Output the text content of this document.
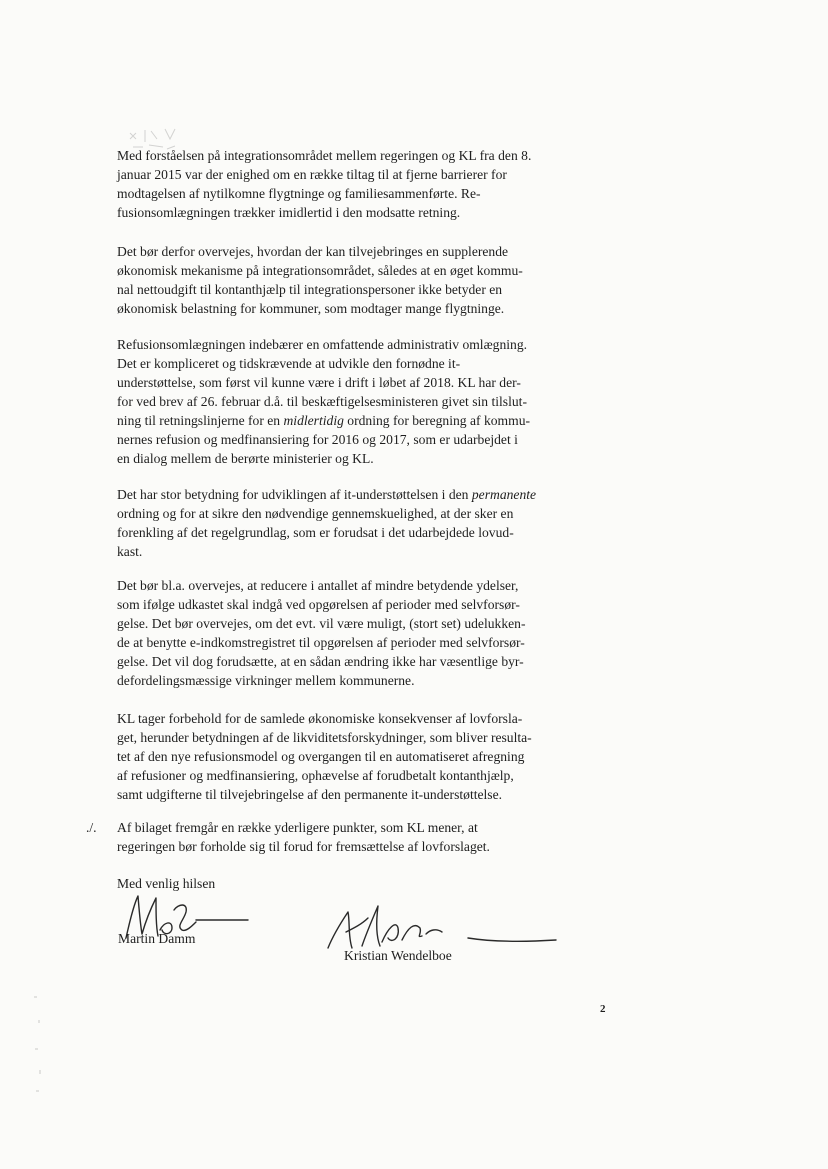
Med forståelsen på integrationsområdet mellem regeringen og KL fra den 8.
januar 2015 var der enighed om en række tiltag til at fjerne barrierer for
modtagelsen af nytilkomne flygtninge og familiesammenførte. Re-
fusionsomlægningen trækker imidlertid i den modsatte retning.

Det bør derfor overvejes, hvordan der kan tilvejebringes en supplerende
økonomisk mekanisme på integrationsområdet, således at en øget kommu-
nal nettoudgift til kontanthjælp til integrationspersoner ikke betyder en
økonomisk belastning for kommuner, som modtager mange flygtninge.

Refusionsomlægningen indebærer en omfattende administrativ omlægning.
Det er kompliceret og tidskrævende at udvikle den fornødne it-
understøttelse, som først vil kunne være i drift i løbet af 2018. KL har der-
for ved brev af 26. februar d.å. til beskæftigelsesministeren givet sin tilslut-
ning til retningslinjerne for en midlertidig ordning for beregning af kommu-
nernes refusion og medfinansiering for 2016 og 2017, som er udarbejdet i
en dialog mellem de berørte ministerier og KL.

Det har stor betydning for udviklingen af it-understøttelsen i den permanente
ordning og for at sikre den nødvendige gennemskuelighed, at der sker en
forenkling af det regelgrundlag, som er forudsat i det udarbejdede lovud-
kast.

Det bør bl.a. overvejes, at reducere i antallet af mindre betydende ydelser,
som ifølge udkastet skal indgå ved opgørelsen af perioder med selvforsør-
gelse. Det bør overvejes, om det evt. vil være muligt, (stort set) udelukken-
de at benytte e-indkomstregistret til opgørelsen af perioder med selvforsør-
gelse. Det vil dog forudsætte, at en sådan ændring ikke har væsentlige byr-
defordelingsmæssige virkninger mellem kommunerne.

KL tager forbehold for de samlede økonomiske konsekvenser af lovforsla-
get, herunder betydningen af de likviditetsforskydninger, som bliver resulta-
tet af den nye refusionsmodel og overgangen til en automatiseret afregning
af refusioner og medfinansiering, ophævelse af forudbetalt kontanthjælp,
samt udgifterne til tilvejebringelse af den permanente it-understøttelse.

./. Af bilaget fremgår en række yderligere punkter, som KL mener, at
regeringen bør forholde sig til forud for fremsættelse af lovforslaget.

Med venlig hilsen
Martin Damm
Kristian Wendelboe
2
